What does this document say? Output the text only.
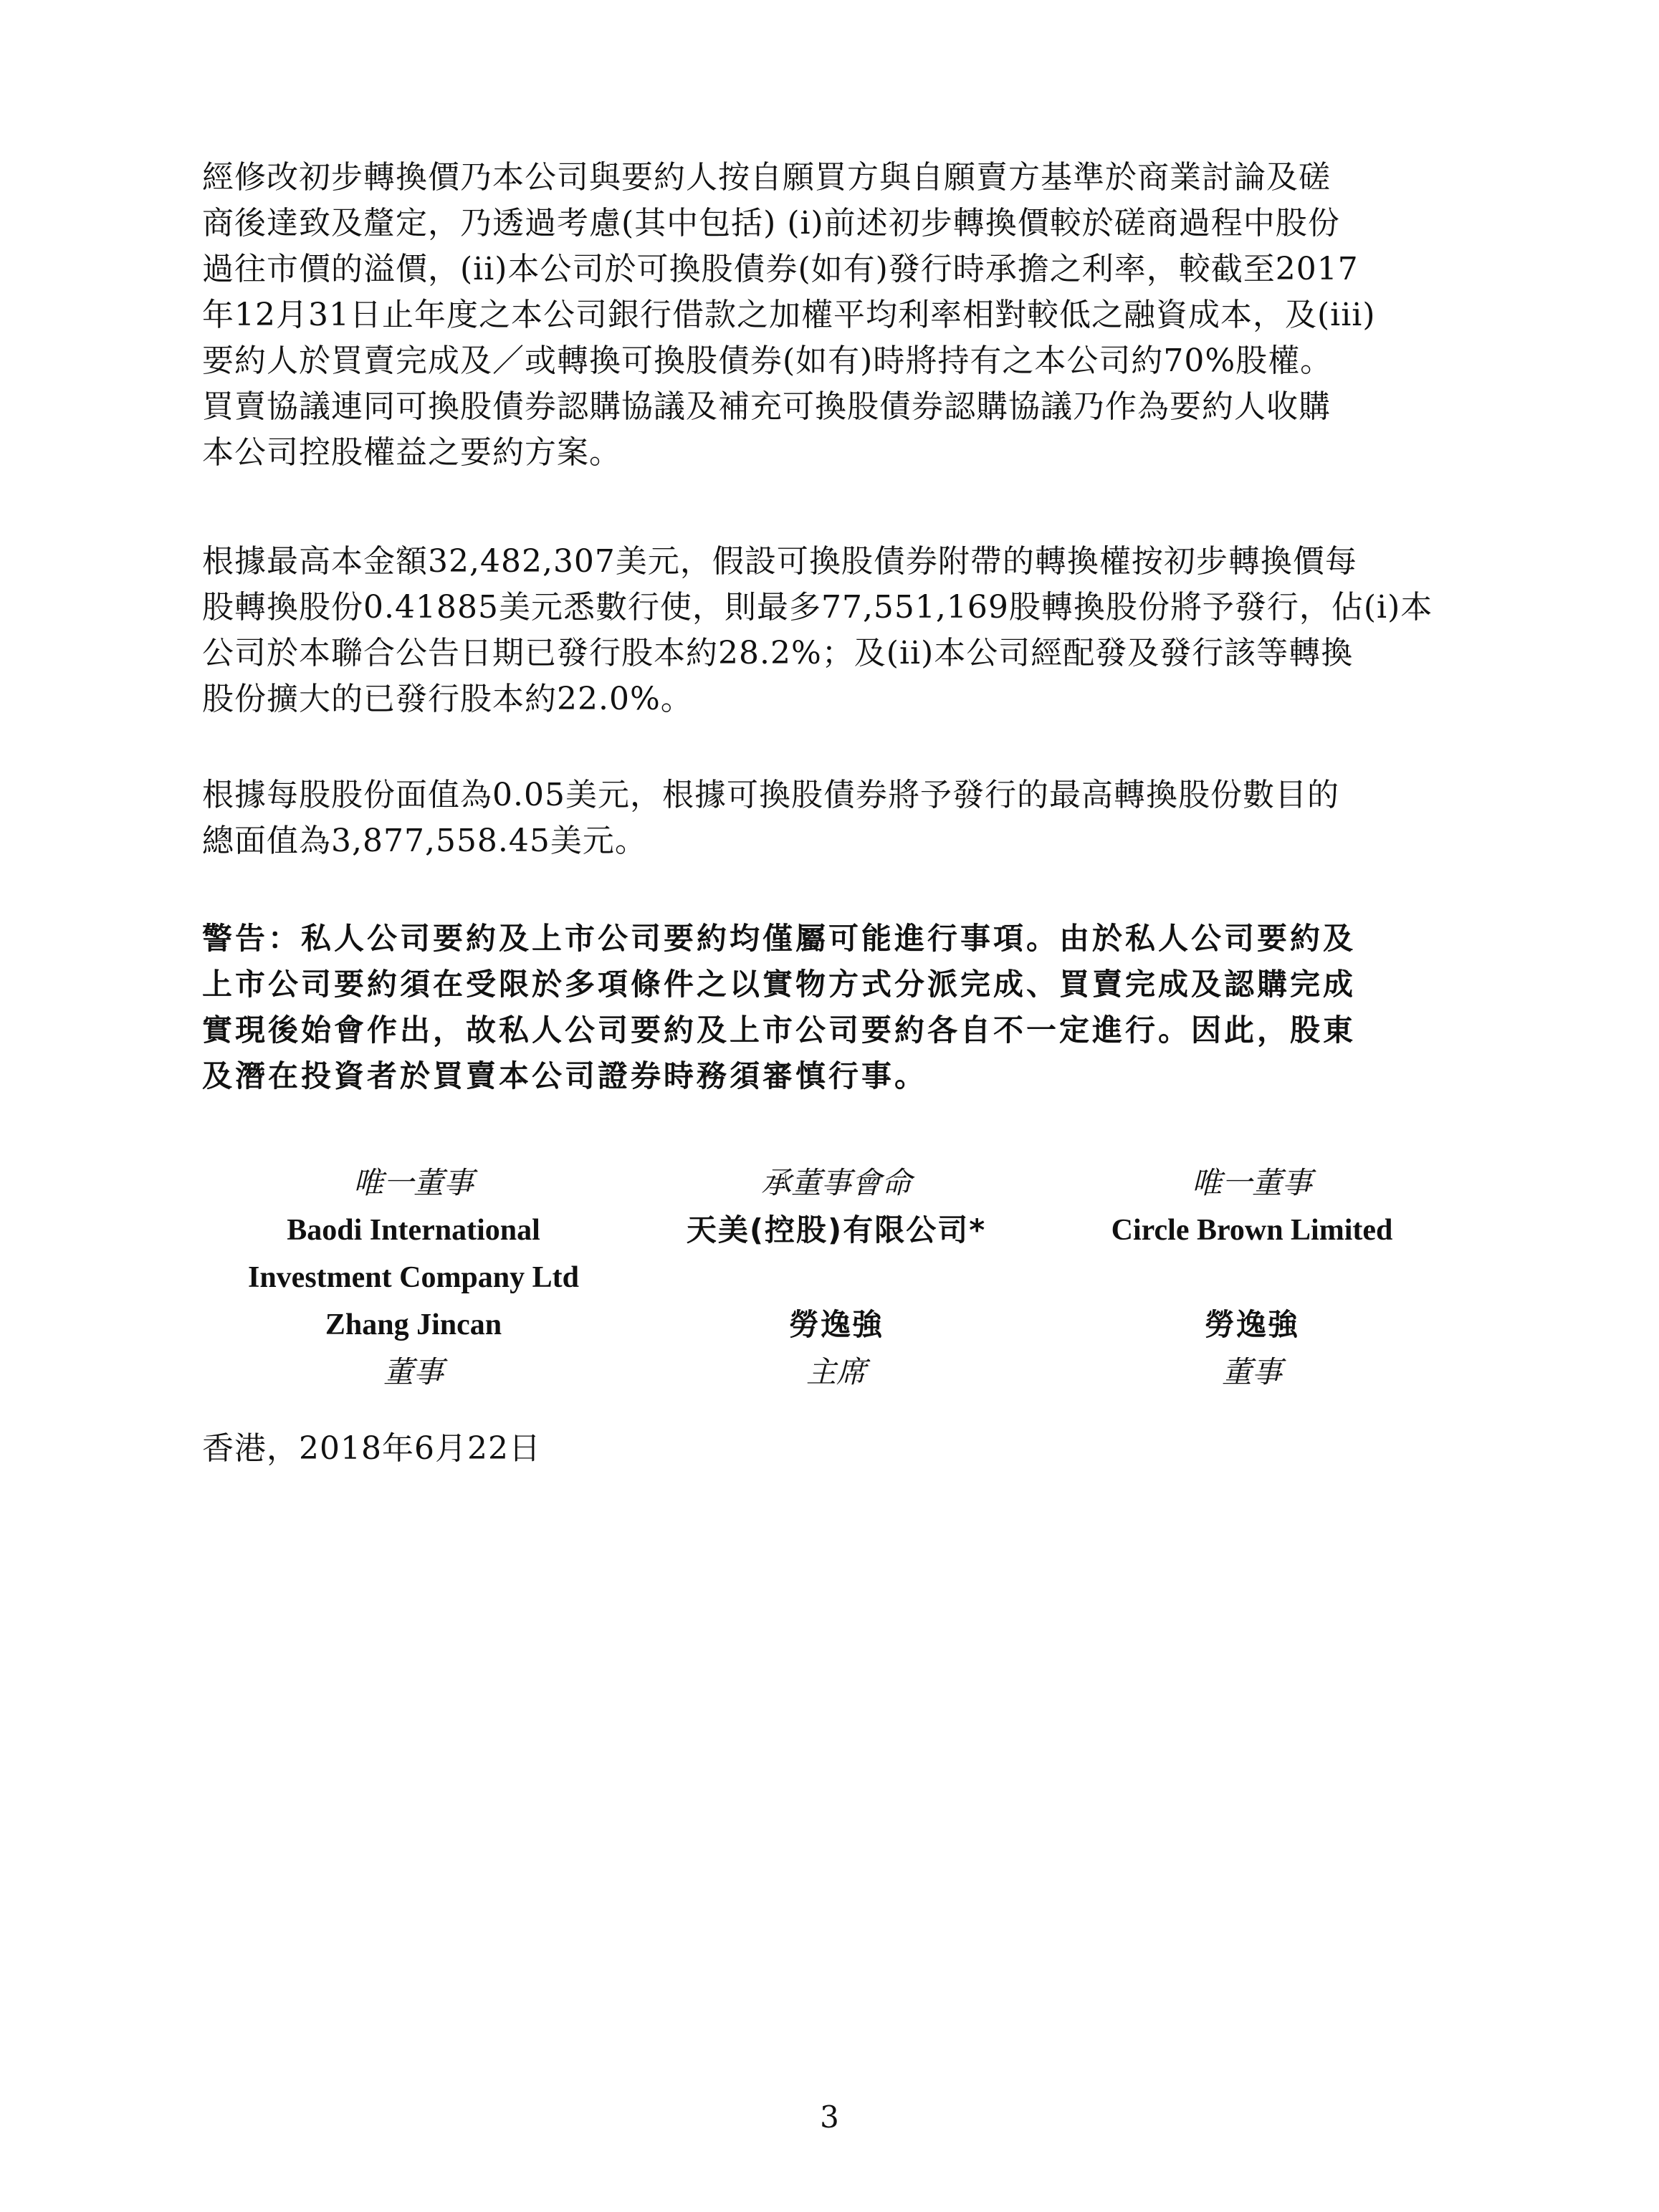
經修改初步轉換價乃本公司與要約人按自願買方與自願賣方基準於商業討論及磋
商後達致及釐定，乃透過考慮(其中包括) (i)前述初步轉換價較於磋商過程中股份
過往市價的溢價，(ii)本公司於可換股債券(如有)發行時承擔之利率，較截至2017
年12月31日止年度之本公司銀行借款之加權平均利率相對較低之融資成本，及(iii)
要約人於買賣完成及／或轉換可換股債券(如有)時將持有之本公司約70%股權。
買賣協議連同可換股債券認購協議及補充可換股債券認購協議乃作為要約人收購
本公司控股權益之要約方案。
根據最高本金額32,482,307美元，假設可換股債券附帶的轉換權按初步轉換價每
股轉換股份0.41885美元悉數行使，則最多77,551,169股轉換股份將予發行，佔(i)本
公司於本聯合公告日期已發行股本約28.2%；及(ii)本公司經配發及發行該等轉換
股份擴大的已發行股本約22.0%。
根據每股股份面值為0.05美元，根據可換股債券將予發行的最高轉換股份數目的
總面值為3,877,558.45美元。
警告：私人公司要約及上市公司要約均僅屬可能進行事項。由於私人公司要約及
上市公司要約須在受限於多項條件之以實物方式分派完成、買賣完成及認購完成
實現後始會作出，故私人公司要約及上市公司要約各自不一定進行。因此，股東
及潛在投資者於買賣本公司證券時務須審慎行事。
唯一董事
Baodi International
Investment Company Ltd
Zhang Jincan
董事
承董事會命
天美(控股)有限公司*
勞逸強
主席
唯一董事
Circle Brown Limited
勞逸強
董事
香港，2018年6月22日
3
